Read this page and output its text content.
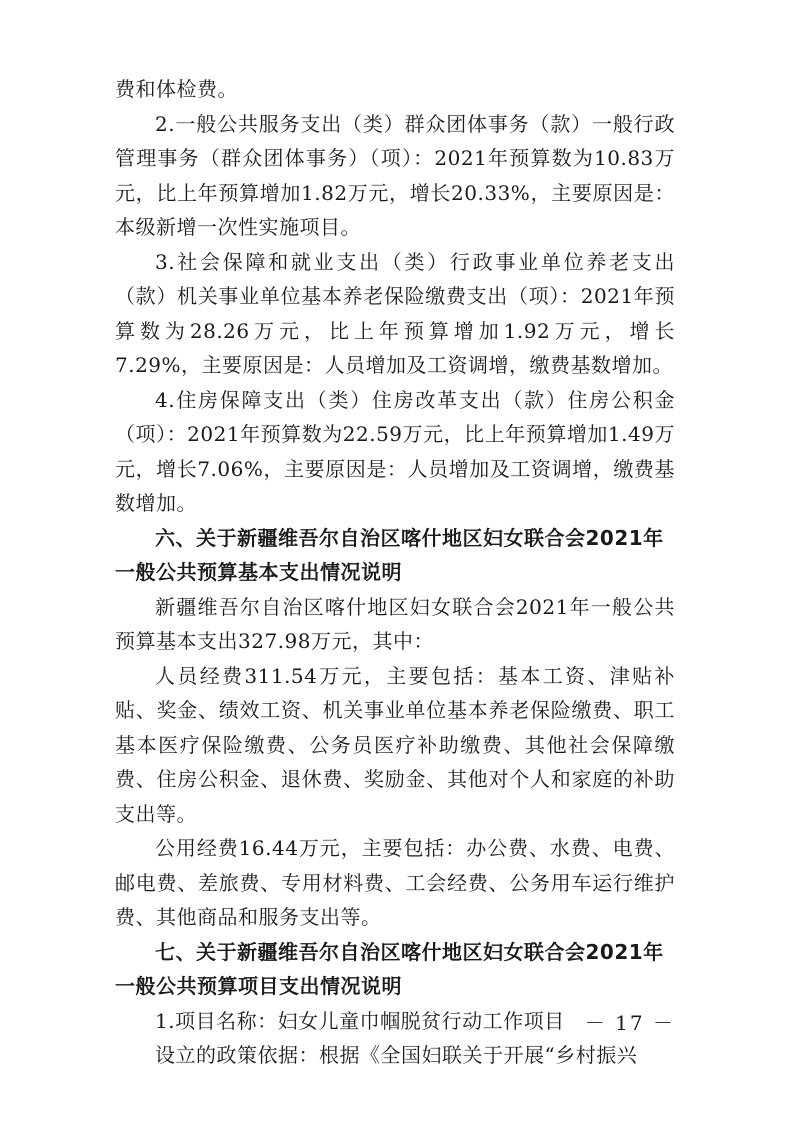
费和体检费。

2.一般公共服务支出（类）群众团体事务（款）一般行政管理事务（群众团体事务）（项）：2021年预算数为10.83万元，比上年预算增加1.82万元，增长20.33%，主要原因是：本级新增一次性实施项目。

3.社会保障和就业支出（类）行政事业单位养老支出（款）机关事业单位基本养老保险缴费支出（项）：2021年预算数为28.26万元，比上年预算增加1.92万元，增长7.29%，主要原因是：人员增加及工资调增，缴费基数增加。

4.住房保障支出（类）住房改革支出（款）住房公积金（项）：2021年预算数为22.59万元，比上年预算增加1.49万元，增长7.06%，主要原因是：人员增加及工资调增，缴费基数增加。

六、关于新疆维吾尔自治区喀什地区妇女联合会2021年一般公共预算基本支出情况说明

新疆维吾尔自治区喀什地区妇女联合会2021年一般公共预算基本支出327.98万元，其中：

人员经费311.54万元，主要包括：基本工资、津贴补贴、奖金、绩效工资、机关事业单位基本养老保险缴费、职工基本医疗保险缴费、公务员医疗补助缴费、其他社会保障缴费、住房公积金、退休费、奖励金、其他对个人和家庭的补助支出等。

公用经费16.44万元，主要包括：办公费、水费、电费、邮电费、差旅费、专用材料费、工会经费、公务用车运行维护费、其他商品和服务支出等。

七、关于新疆维吾尔自治区喀什地区妇女联合会2021年一般公共预算项目支出情况说明

1.项目名称：妇女儿童巾帼脱贫行动工作项目

设立的政策依据：根据《全国妇联关于开展“乡村振兴

－ 17 －
